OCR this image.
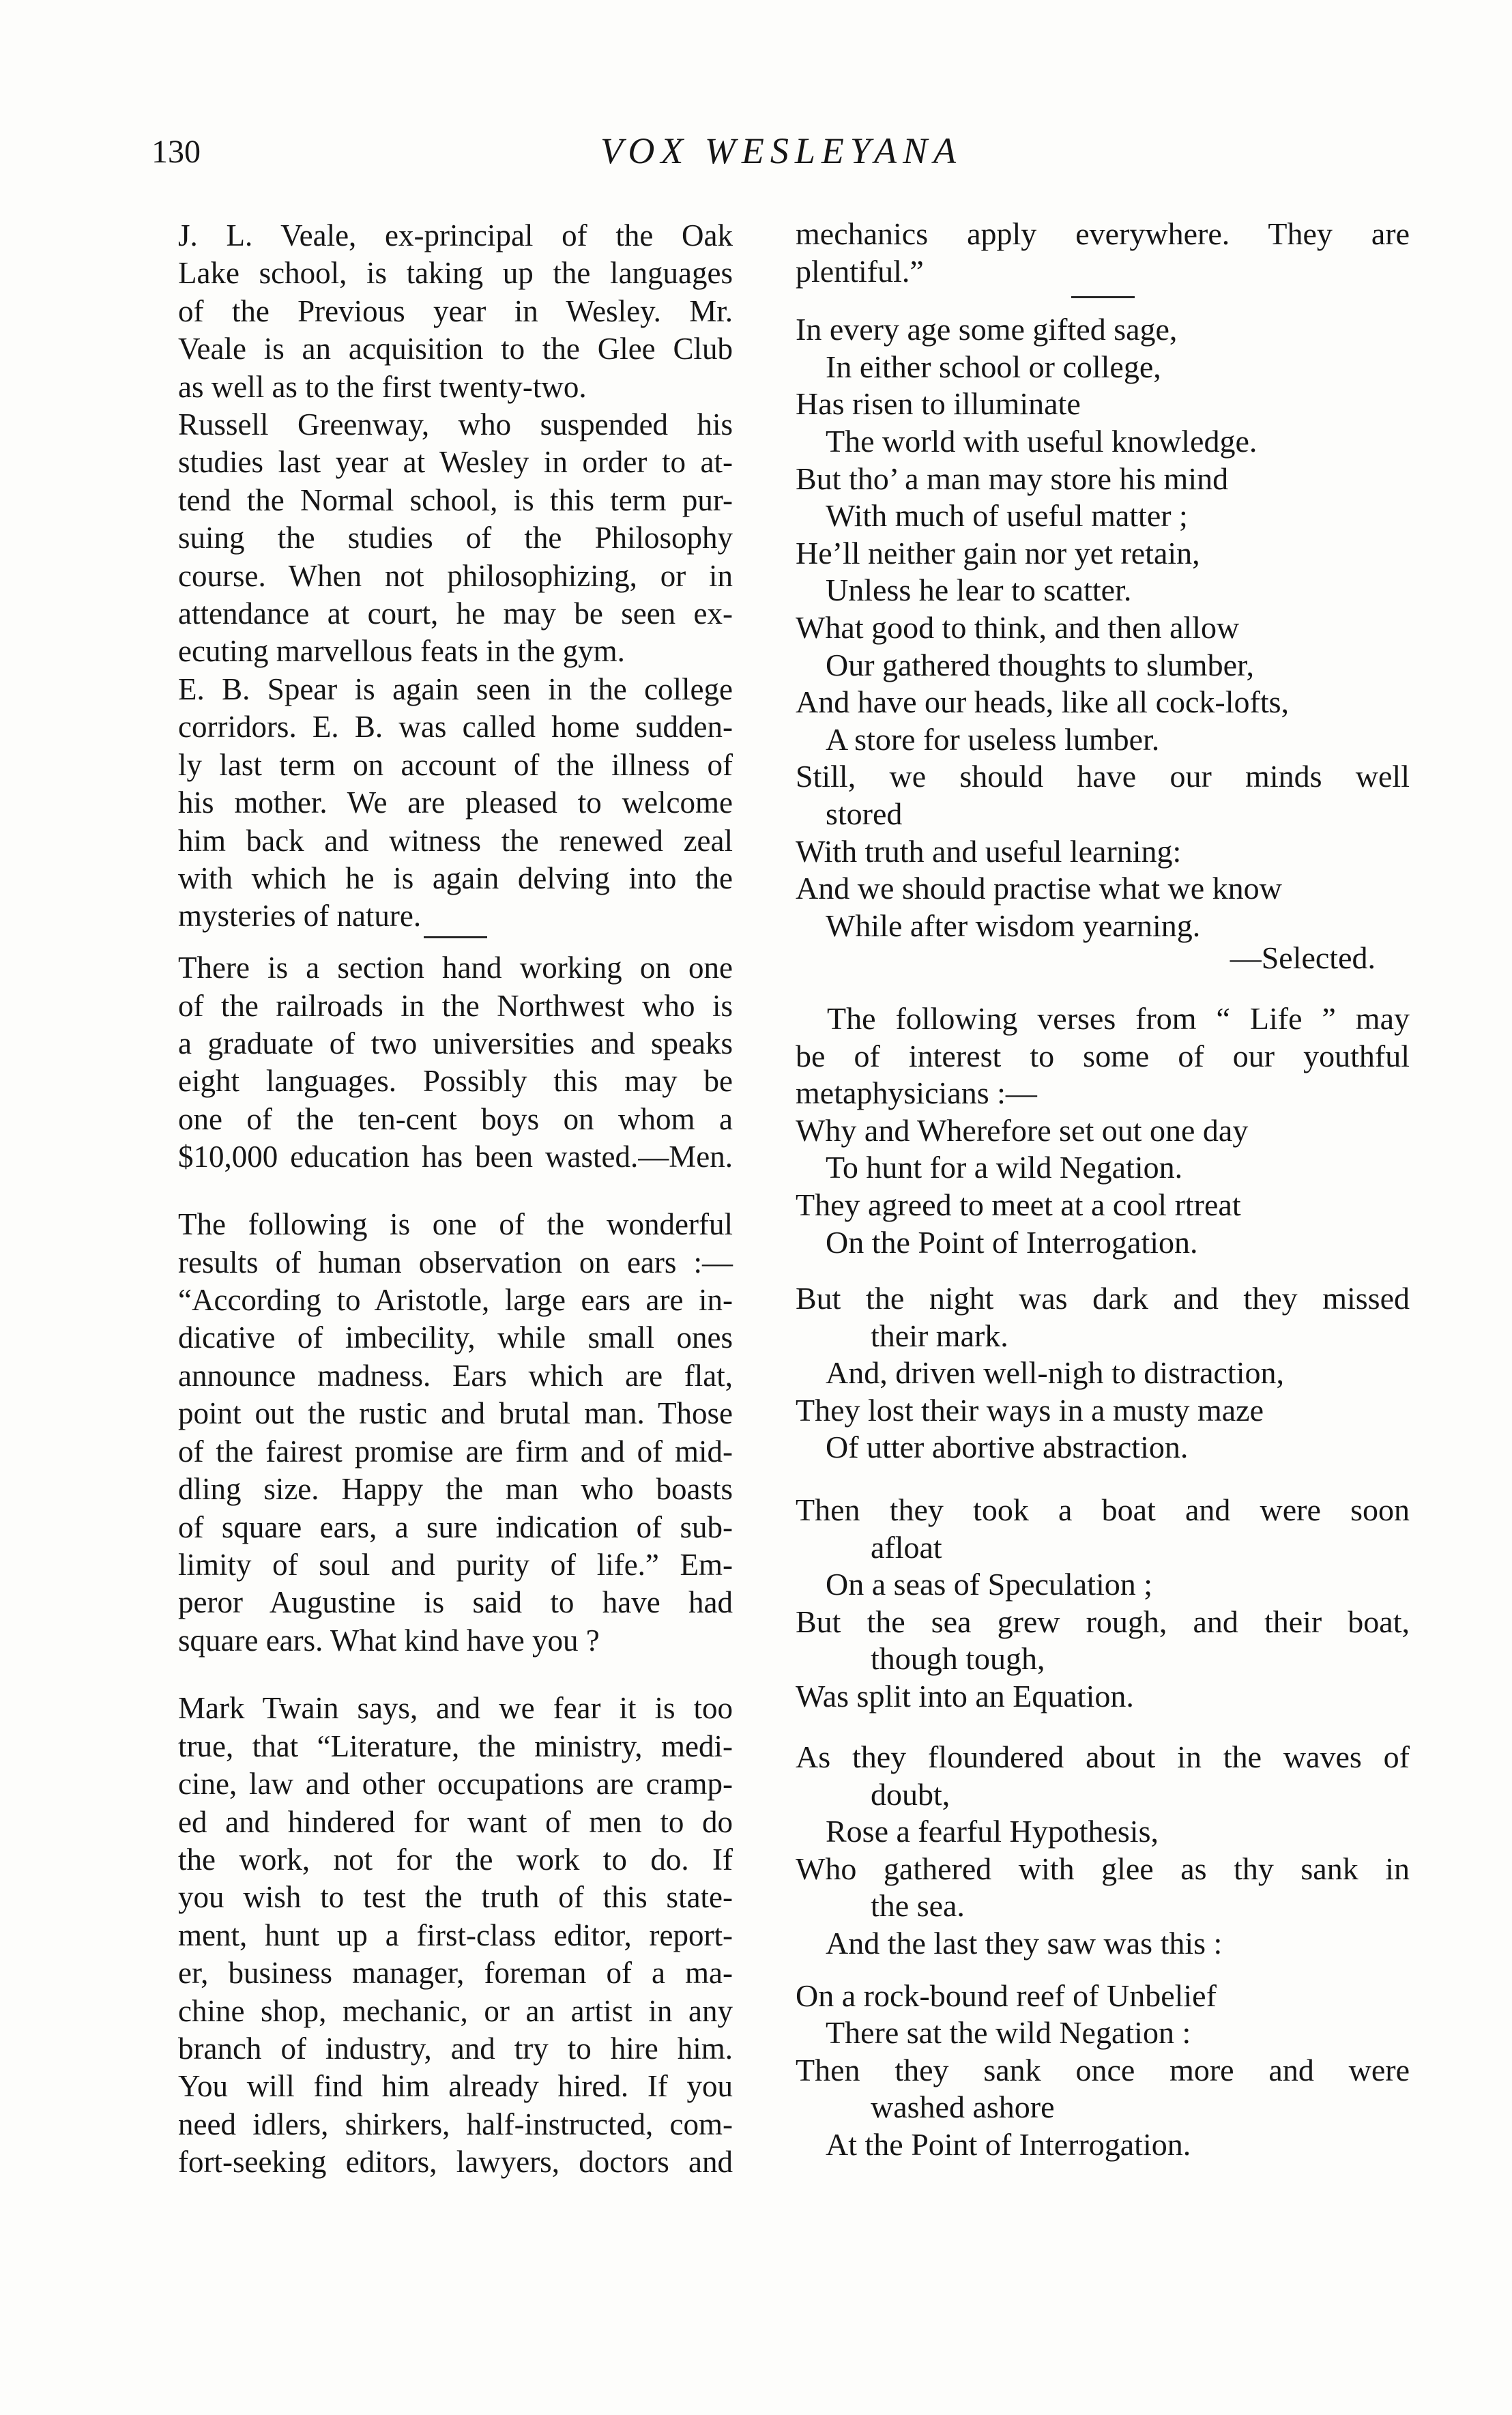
130	VOX WESLEYANA
J. L. Veale, ex-principal of the Oak
Lake school, is taking up the languages
of the Previous year in Wesley. Mr.
Veale is an acquisition to the Glee Club
as well as to the first twenty-two.
Russell Greenway, who suspended his
studies last year at Wesley in order to at-
tend the Normal school, is this term pur-
suing the studies of the Philosophy
course. When not philosophizing, or in
attendance at court, he may be seen ex-
ecuting marvellous feats in the gym.
E. B. Spear is again seen in the college
corridors. E. B. was called home sudden-
ly last term on account of the illness of
his mother. We are pleased to welcome
him back and witness the renewed zeal
with which he is again delving into the
mysteries of nature.
There is a section hand working on one
of the railroads in the Northwest who is
a graduate of two universities and speaks
eight languages. Possibly this may be
one of the ten-cent boys on whom a
$10,000 education has been wasted.—Men.
The following is one of the wonderful
results of human observation on ears :—
“According to Aristotle, large ears are in-
dicative of imbecility, while small ones
announce madness. Ears which are flat,
point out the rustic and brutal man. Those
of the fairest promise are firm and of mid-
dling size. Happy the man who boasts
of square ears, a sure indication of sub-
limity of soul and purity of life.” Em-
peror Augustine is said to have had
square ears. What kind have you ?
Mark Twain says, and we fear it is too
true, that “Literature, the ministry, medi-
cine, law and other occupations are cramp-
ed and hindered for want of men to do
the work, not for the work to do. If
you wish to test the truth of this state-
ment, hunt up a first-class editor, report-
er, business manager, foreman of a ma-
chine shop, mechanic, or an artist in any
branch of industry, and try to hire him.
You will find him already hired. If you
need idlers, shirkers, half-instructed, com-
fort-seeking editors, lawyers, doctors and
mechanics apply everywhere. They are
plentiful.”
In every age some gifted sage,
In either school or college,
Has risen to illuminate
The world with useful knowledge.
But tho’ a man may store his mind
With much of useful matter ;
He’ll neither gain nor yet retain,
Unless he lear to scatter.
What good to think, and then allow
Our gathered thoughts to slumber,
And have our heads, like all cock-lofts,
A store for useless lumber.
Still, we should have our minds well
stored
With truth and useful learning:
And we should practise what we know
While after wisdom yearning.
—Selected.
The following verses from “ Life ” may
be of interest to some of our youthful
metaphysicians :—
Why and Wherefore set out one day
To hunt for a wild Negation.
They agreed to meet at a cool rtreat
On the Point of Interrogation.
But the night was dark and they missed
their mark.
And, driven well-nigh to distraction,
They lost their ways in a musty maze
Of utter abortive abstraction.
Then they took a boat and were soon
afloat
On a seas of Speculation ;
But the sea grew rough, and their boat,
though tough,
Was split into an Equation.
As they floundered about in the waves of
doubt,
Rose a fearful Hypothesis,
Who gathered with glee as thy sank in
the sea.
And the last they saw was this :
On a rock-bound reef of Unbelief
There sat the wild Negation :
Then they sank once more and were
washed ashore
At the Point of Interrogation.
